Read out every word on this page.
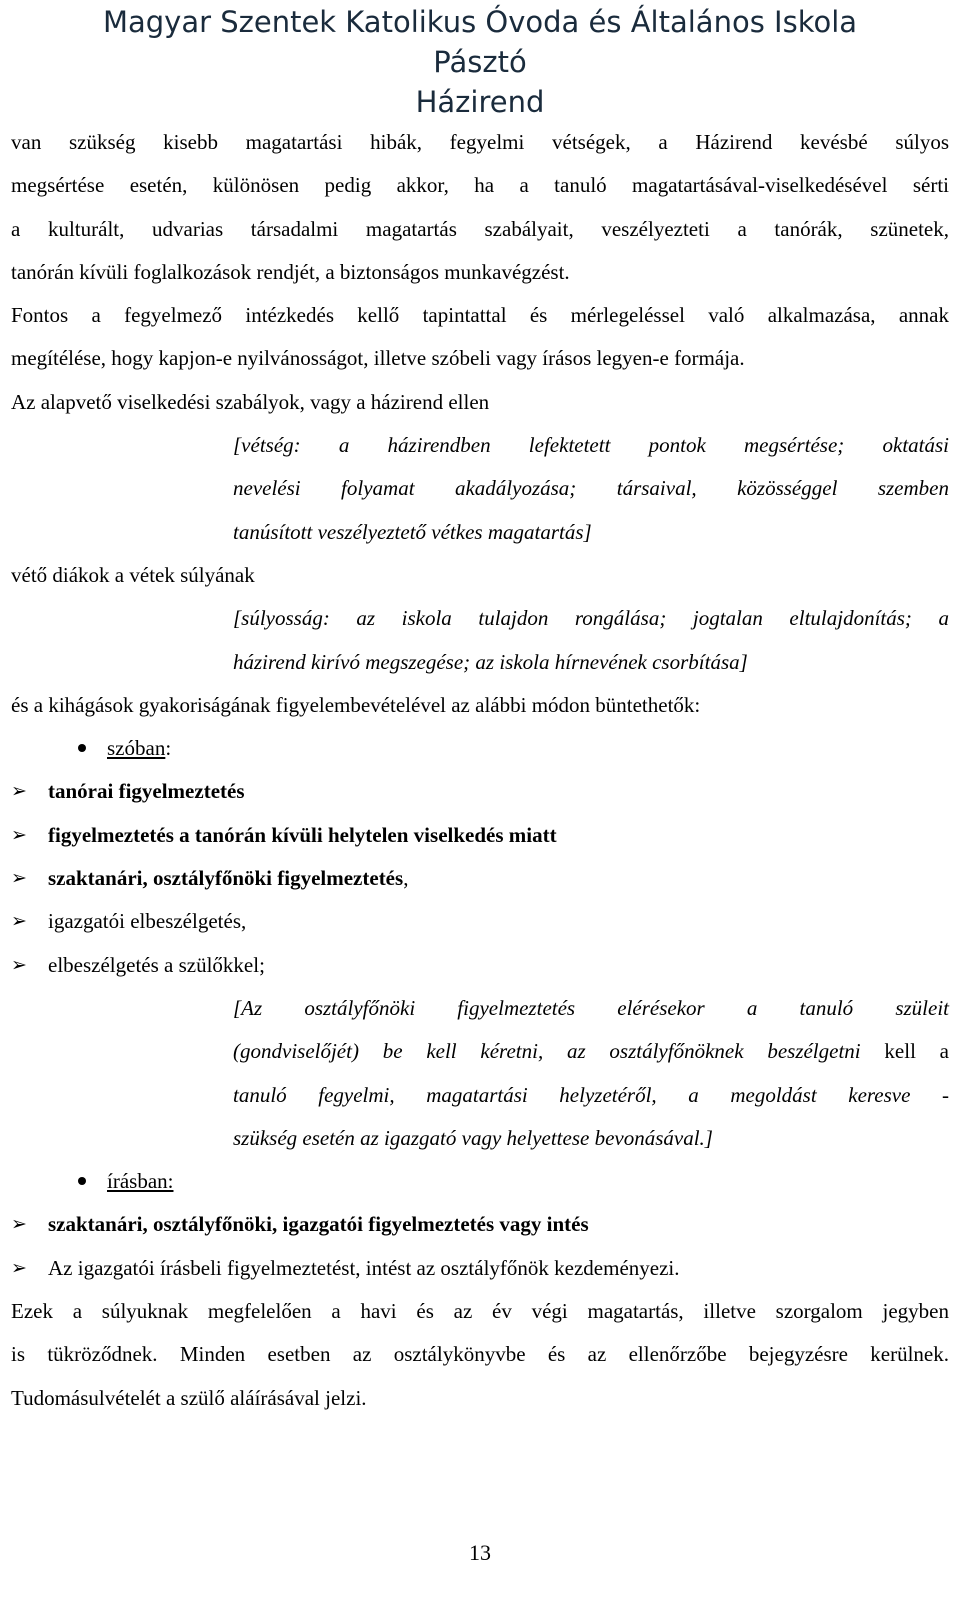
Magyar Szentek Katolikus Óvoda és Általános Iskola
Pásztó
Házirend
van szükség kisebb magatartási hibák, fegyelmi vétségek, a Házirend kevésbé súlyos
megsértése esetén, különösen pedig akkor, ha a tanuló magatartásával-viselkedésével sérti
a kulturált, udvarias társadalmi magatartás szabályait, veszélyezteti a tanórák, szünetek,
tanórán kívüli foglalkozások rendjét, a biztonságos munkavégzést.
Fontos a fegyelmező intézkedés kellő tapintattal és mérlegeléssel való alkalmazása, annak
megítélése, hogy kapjon-e nyilvánosságot, illetve szóbeli vagy írásos legyen-e formája.
Az alapvető viselkedési szabályok, vagy a házirend ellen
[vétség: a házirendben lefektetett pontok megsértése; oktatási
nevelési folyamat akadályozása; társaival, közösséggel szemben
tanúsított veszélyeztető vétkes magatartás]
vétő diákok a vétek súlyának
[súlyosság: az iskola tulajdon rongálása; jogtalan eltulajdonítás; a
házirend kirívó megszegése; az iskola hírnevének csorbítása]
és a kihágások gyakoriságának figyelembevételével az alábbi módon büntethetők:
szóban:
➢	tanórai figyelmeztetés
➢	figyelmeztetés a tanórán kívüli helytelen viselkedés miatt
➢	szaktanári, osztályfőnöki figyelmeztetés,
➢	igazgatói elbeszélgetés,
➢	elbeszélgetés a szülőkkel;
[Az osztályfőnöki figyelmeztetés elérésekor a tanuló szüleit
(gondviselőjét) be kell kéretni, az osztályfőnöknek beszélgetni kell a
tanuló fegyelmi, magatartási helyzetéről, a megoldást keresve -
szükség esetén az igazgató vagy helyettese bevonásával.]
írásban:
➢	szaktanári, osztályfőnöki, igazgatói figyelmeztetés vagy intés
➢	Az igazgatói írásbeli figyelmeztetést, intést az osztályfőnök kezdeményezi.
Ezek a súlyuknak megfelelően a havi és az év végi magatartás, illetve szorgalom jegyben
is tükröződnek. Minden esetben az osztálykönyvbe és az ellenőrzőbe bejegyzésre kerülnek.
Tudomásulvételét a szülő aláírásával jelzi.
13
